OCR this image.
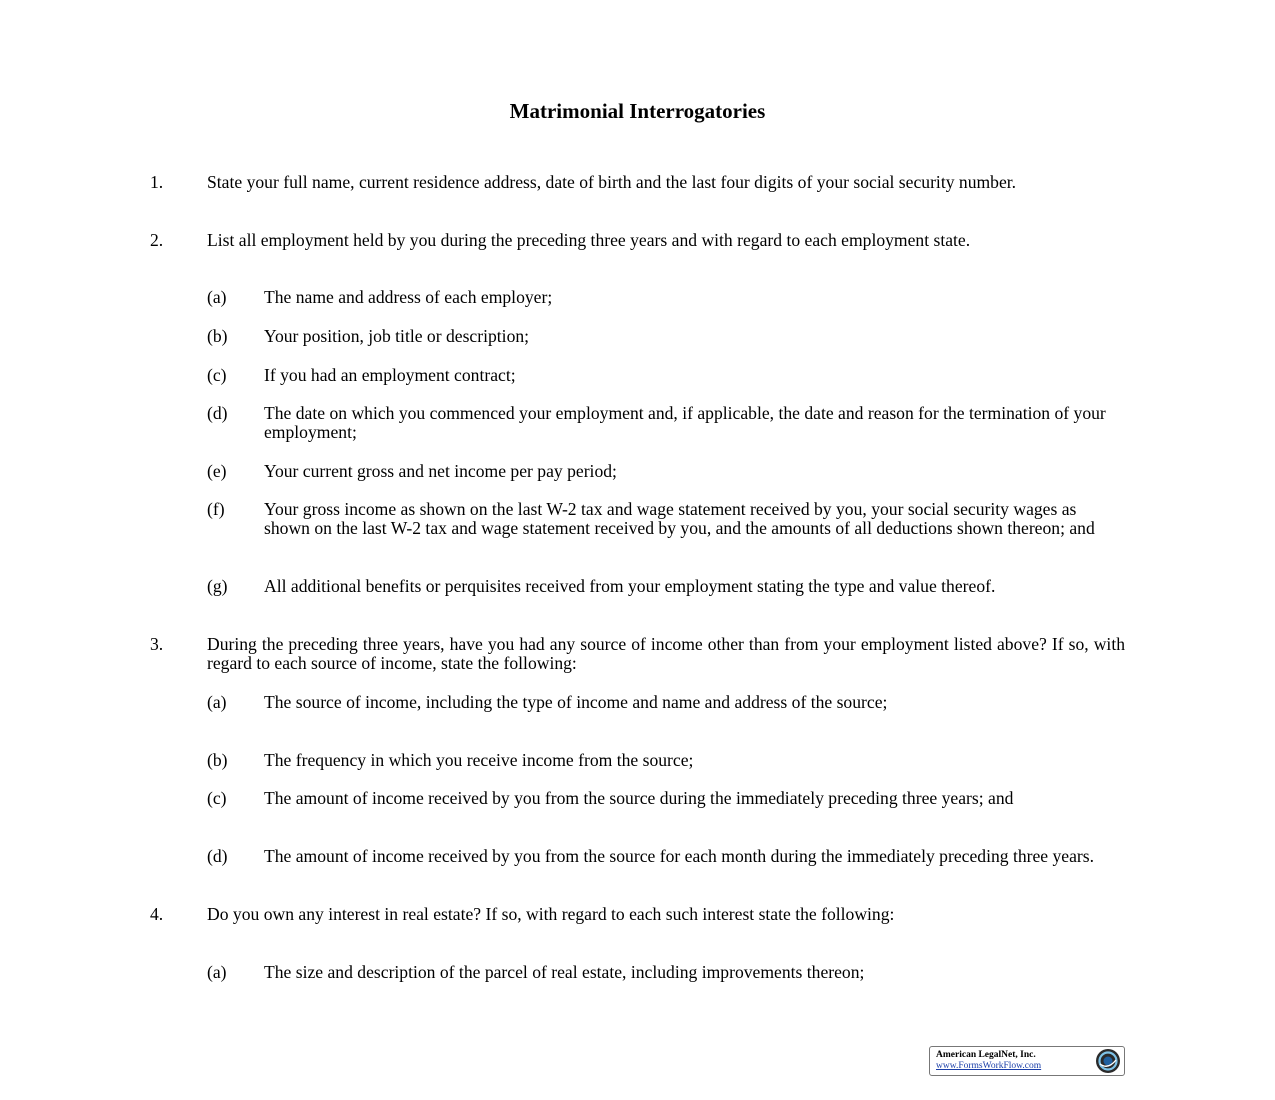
Matrimonial Interrogatories
1. State your full name, current residence address, date of birth and the last four digits of your social security number.
2. List all employment held by you during the preceding three years and with regard to each employment state.
(a) The name and address of each employer;
(b) Your position, job title or description;
(c) If you had an employment contract;
(d) The date on which you commenced your employment and, if applicable, the date and reason for the termination of your employment;
(e) Your current gross and net income per pay period;
(f) Your gross income as shown on the last W-2 tax and wage statement received by you, your social security wages as shown on the last W-2 tax and wage statement received by you, and the amounts of all deductions shown thereon; and
(g) All additional benefits or perquisites received from your employment stating the type and value thereof.
3. During the preceding three years, have you had any source of income other than from your employment listed above? If so, with regard to each source of income, state the following:
(a) The source of income, including the type of income and name and address of the source;
(b) The frequency in which you receive income from the source;
(c) The amount of income received by you from the source during the immediately preceding three years; and
(d) The amount of income received by you from the source for each month during the immediately preceding three years.
4. Do you own any interest in real estate? If so, with regard to each such interest state the following:
(a) The size and description of the parcel of real estate, including improvements thereon;
American LegalNet, Inc.
www.FormsWorkFlow.com
